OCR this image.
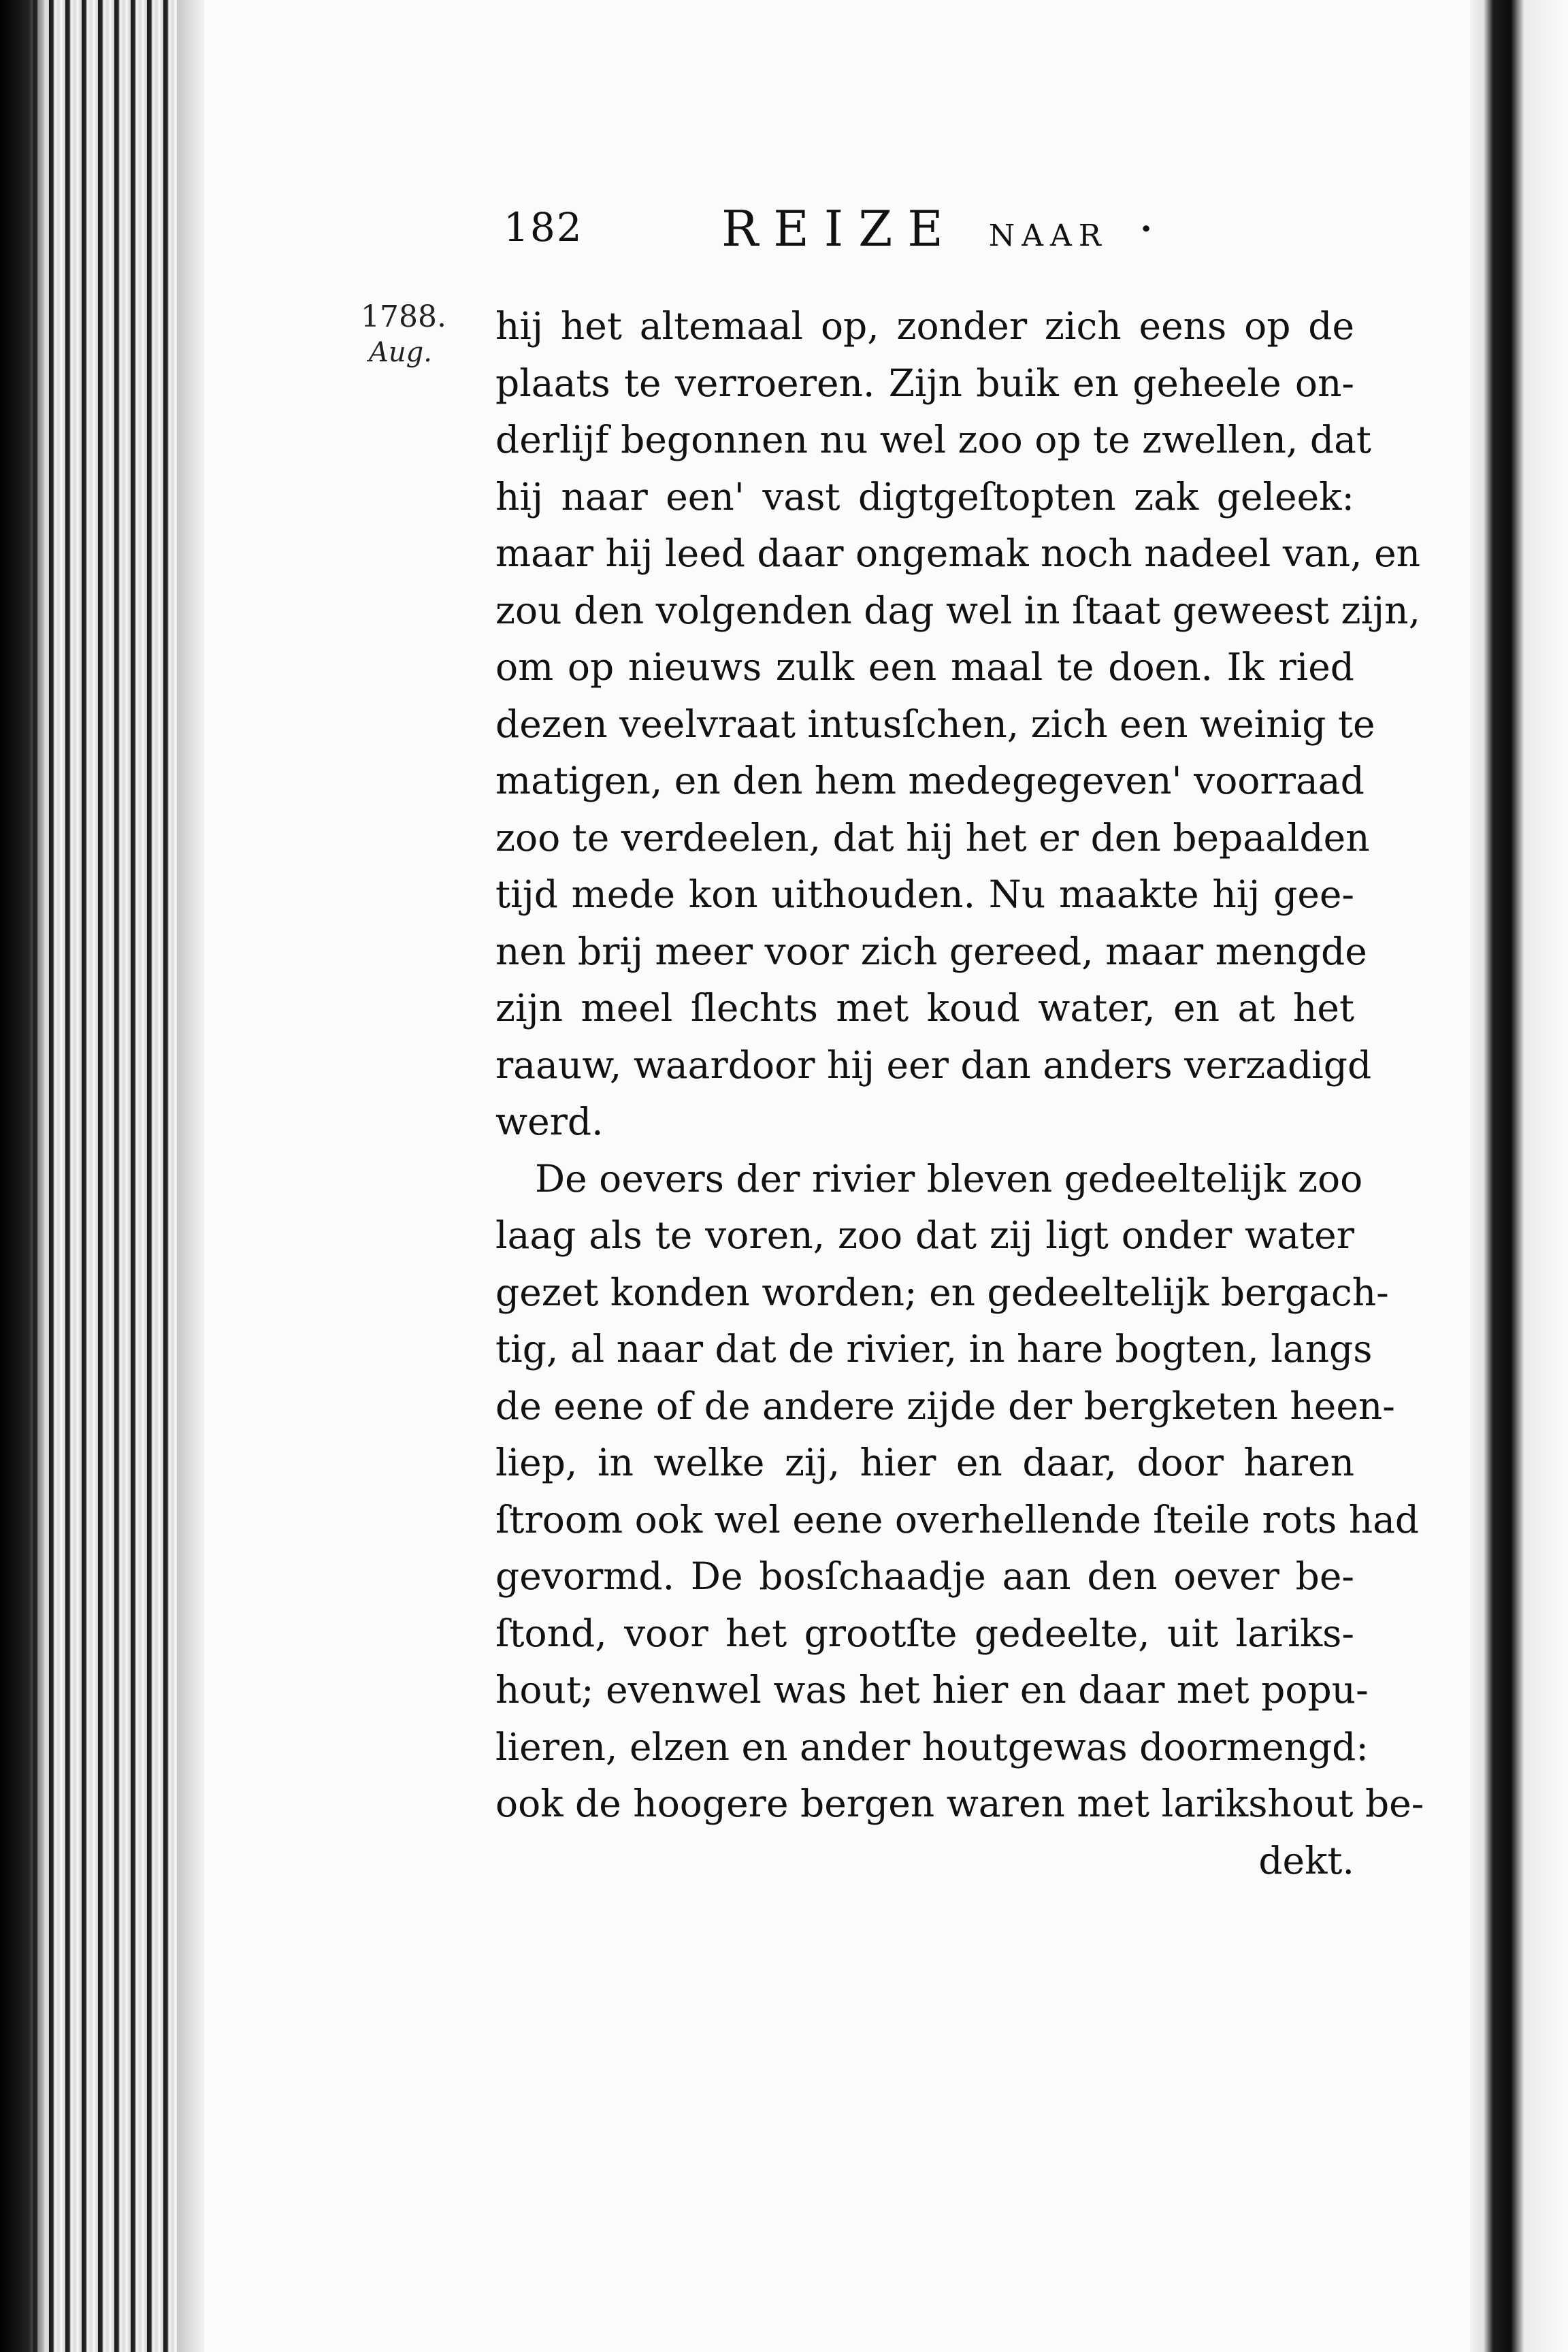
182	REIZE NAAR ·
1788.
Aug.
hij het altemaal op, zonder zich eens op de
plaats te verroeren. Zijn buik en geheele on-
derlijf begonnen nu wel zoo op te zwellen, dat
hij naar een' vast digtgeſtopten zak geleek:
maar hij leed daar ongemak noch nadeel van, en
zou den volgenden dag wel in ſtaat geweest zijn,
om op nieuws zulk een maal te doen. Ik ried
dezen veelvraat intusſchen, zich een weinig te
matigen, en den hem medegegeven' voorraad
zoo te verdeelen, dat hij het er den bepaalden
tijd mede kon uithouden. Nu maakte hij gee-
nen brij meer voor zich gereed, maar mengde
zijn meel ſlechts met koud water, en at het
raauw, waardoor hij eer dan anders verzadigd
werd.
De oevers der rivier bleven gedeeltelijk zoo
laag als te voren, zoo dat zij ligt onder water
gezet konden worden; en gedeeltelijk bergach-
tig, al naar dat de rivier, in hare bogten, langs
de eene of de andere zijde der bergketen heen-
liep, in welke zij, hier en daar, door haren
ſtroom ook wel eene overhellende ſteile rots had
gevormd. De bosſchaadje aan den oever be-
ſtond, voor het grootſte gedeelte, uit lariks-
hout; evenwel was het hier en daar met popu-
lieren, elzen en ander houtgewas doormengd:
ook de hoogere bergen waren met larikshout be-
dekt.
